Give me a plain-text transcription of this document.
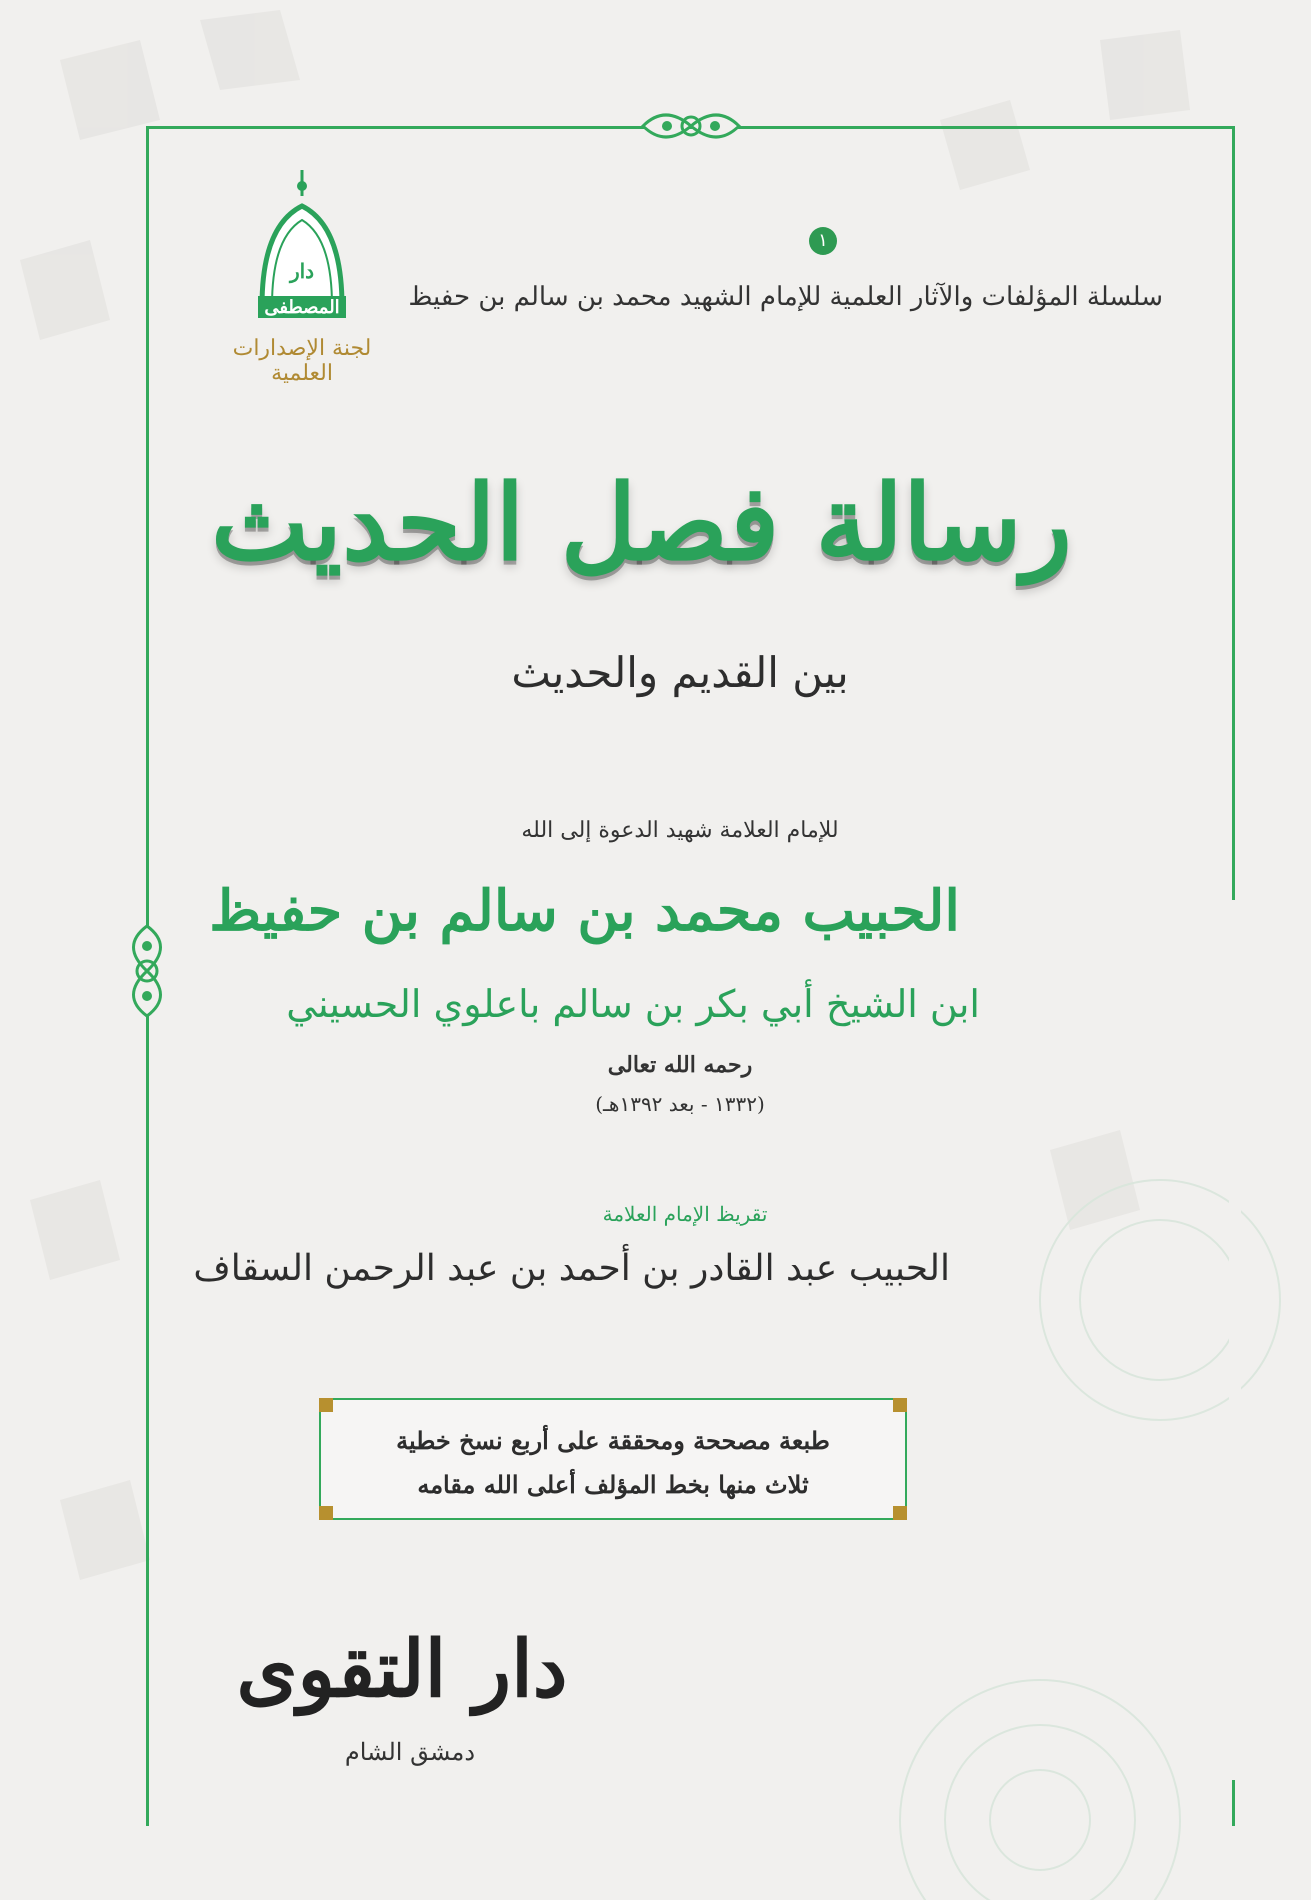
دار
المصطفى
لجنة الإصدارات العلمية
١
سلسلة المؤلفات والآثار العلمية للإمام الشهيد محمد بن سالم بن حفيظ
رسالة فصل الحديث
بين القديم والحديث
للإمام العلامة شهيد الدعوة إلى الله
الحبيب محمد بن سالم بن حفيظ
ابن الشيخ أبي بكر بن سالم باعلوي الحسيني
رحمه الله تعالى
(١٣٣٢ - بعد ١٣٩٢هـ)
تقريظ الإمام العلامة
الحبيب عبد القادر بن أحمد بن عبد الرحمن السقاف
طبعة مصححة ومحققة على أربع نسخ خطية
ثلاث منها بخط المؤلف أعلى الله مقامه
دار التقوى
دمشق الشام
